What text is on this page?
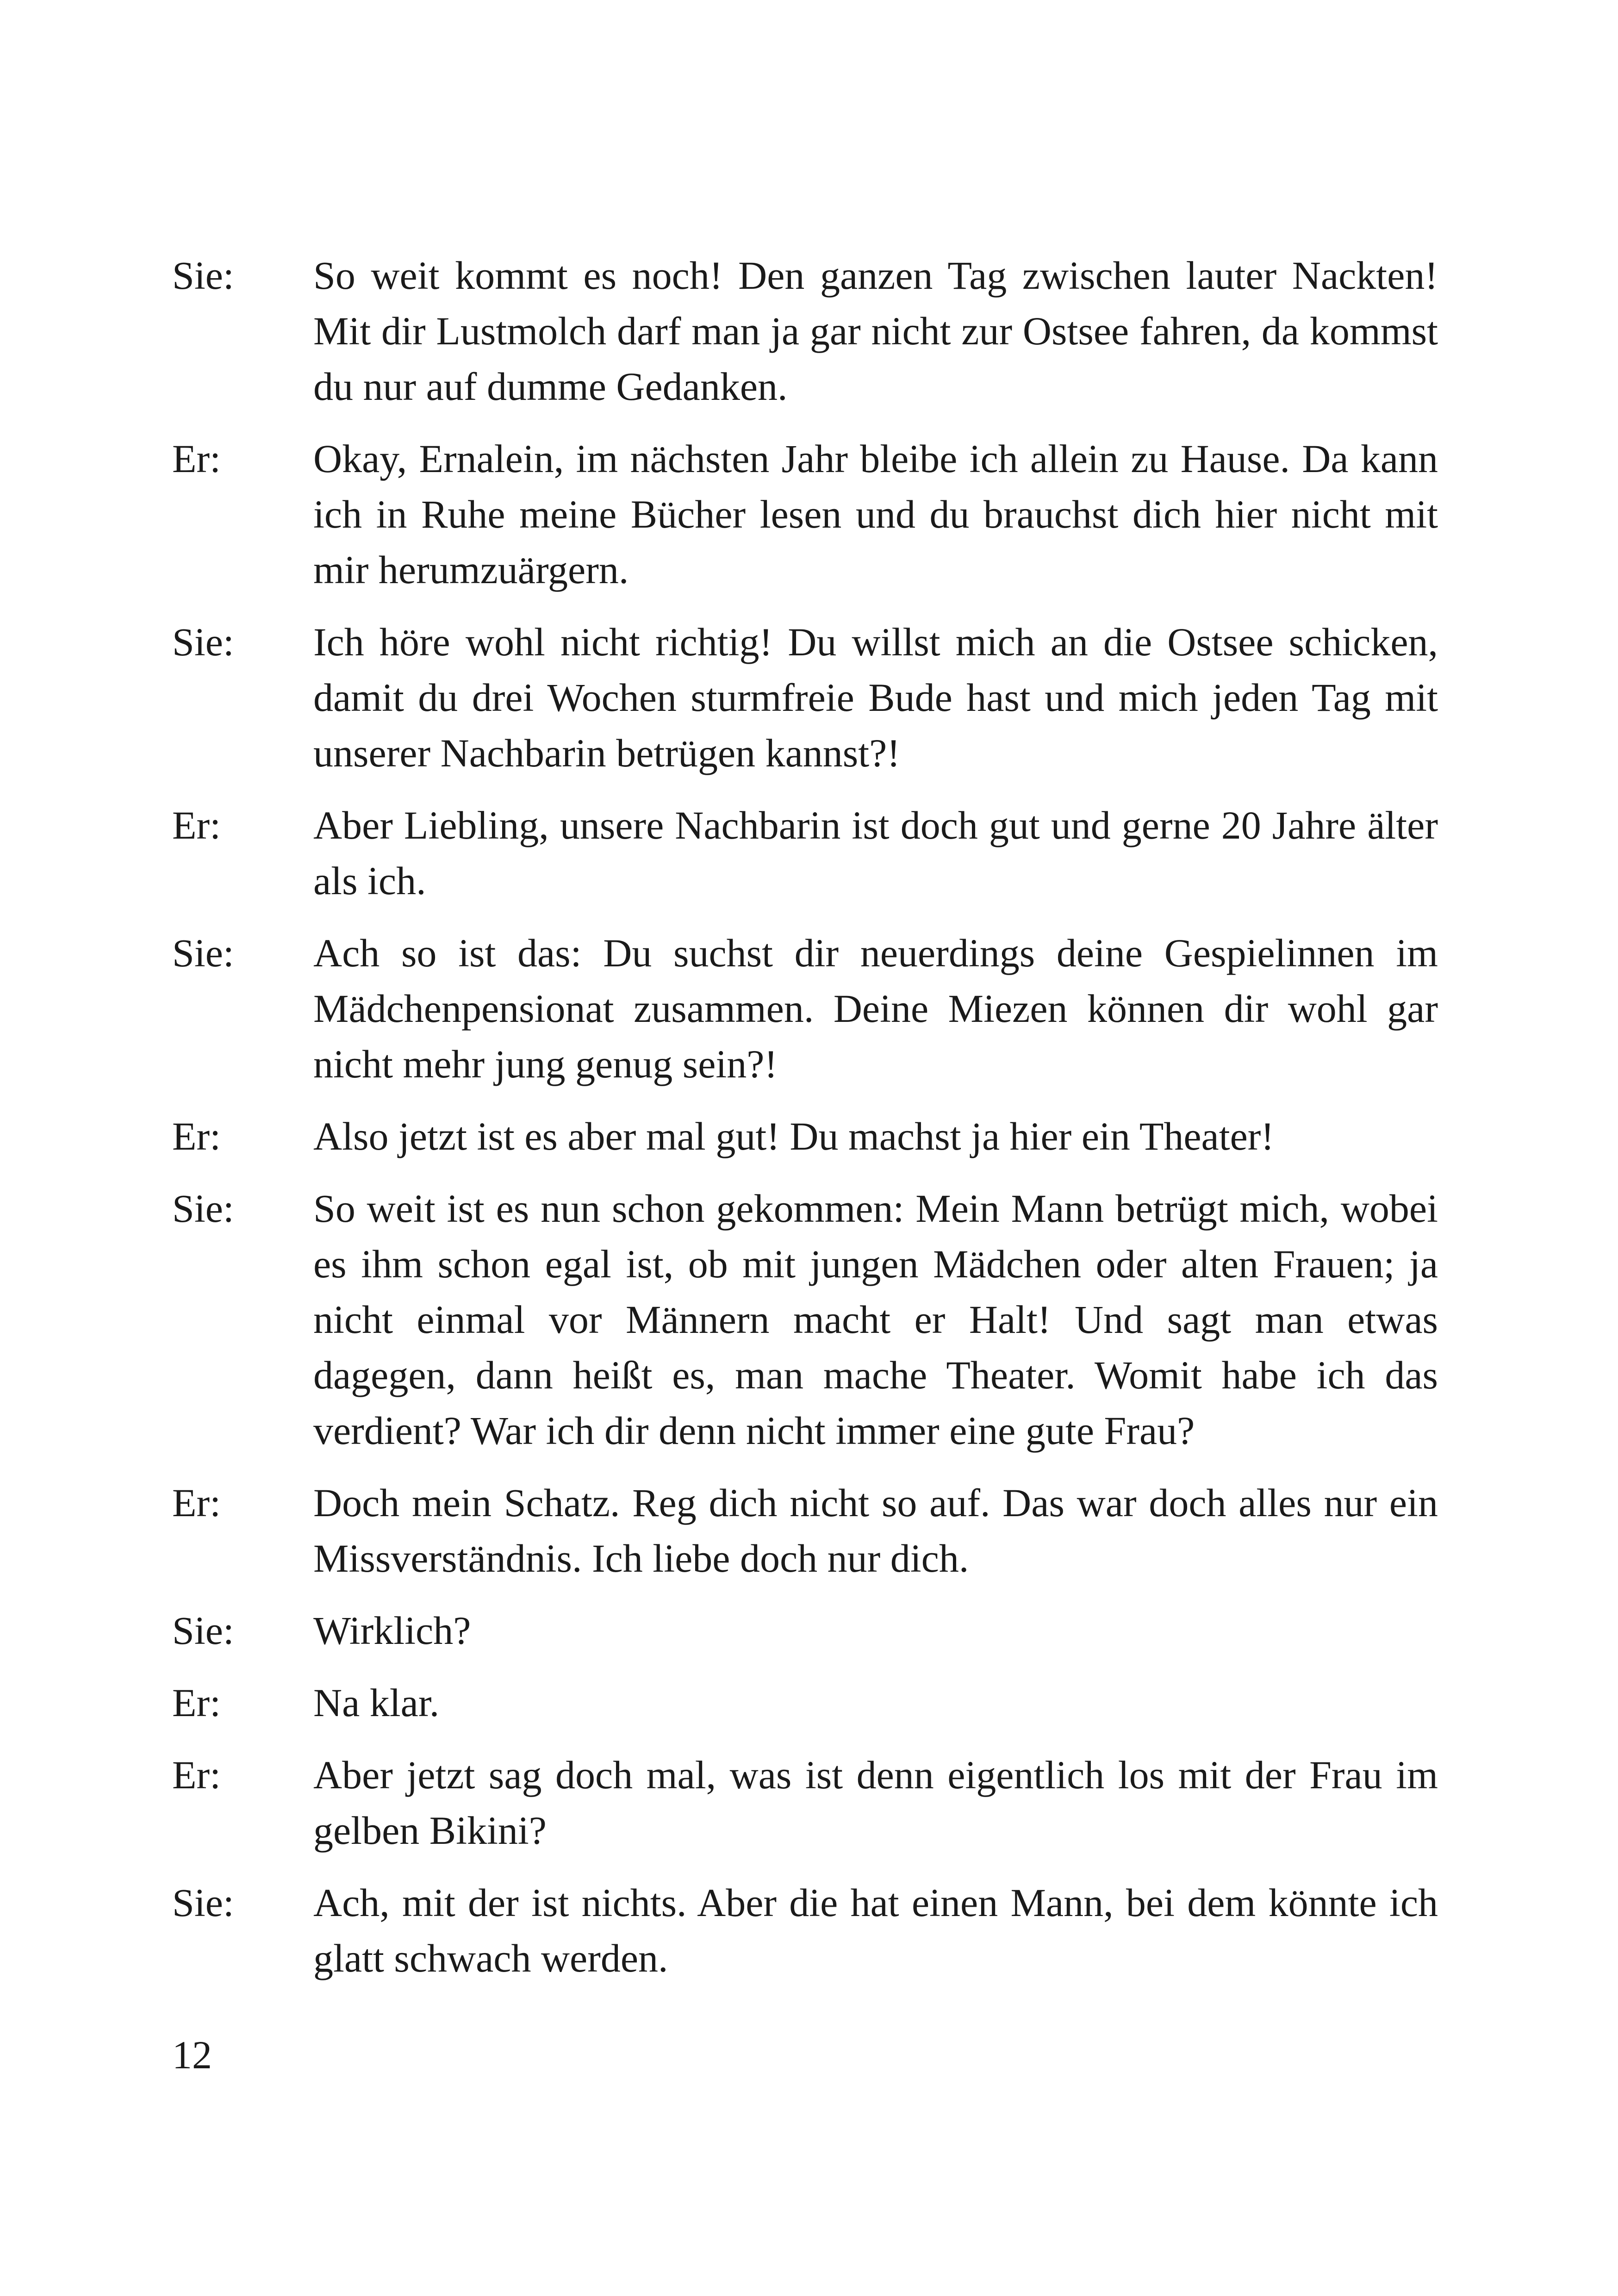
Sie:	So weit kommt es noch! Den ganzen Tag zwischen lauter Nackten! Mit dir Lustmolch darf man ja gar nicht zur Ostsee fahren, da kommst du nur auf dumme Gedanken.
Er:	Okay, Ernalein, im nächsten Jahr bleibe ich allein zu Hause. Da kann ich in Ruhe meine Bücher lesen und du brauchst dich hier nicht mit mir herumzuärgern.
Sie:	Ich höre wohl nicht richtig! Du willst mich an die Ostsee schicken, damit du drei Wochen sturmfreie Bude hast und mich jeden Tag mit unserer Nachbarin betrügen kannst?!
Er:	Aber Liebling, unsere Nachbarin ist doch gut und gerne 20 Jahre älter als ich.
Sie:	Ach so ist das: Du suchst dir neuerdings deine Gespielinnen im Mädchenpensionat zusammen. Deine Miezen können dir wohl gar nicht mehr jung genug sein?!
Er:	Also jetzt ist es aber mal gut! Du machst ja hier ein Theater!
Sie:	So weit ist es nun schon gekommen: Mein Mann betrügt mich, wobei es ihm schon egal ist, ob mit jungen Mädchen oder alten Frauen; ja nicht einmal vor Männern macht er Halt! Und sagt man etwas dagegen, dann heißt es, man mache Theater. Womit habe ich das verdient? War ich dir denn nicht immer eine gute Frau?
Er:	Doch mein Schatz. Reg dich nicht so auf. Das war doch alles nur ein Missverständnis. Ich liebe doch nur dich.
Sie:	Wirklich?
Er:	Na klar.
Er:	Aber jetzt sag doch mal, was ist denn eigentlich los mit der Frau im gelben Bikini?
Sie:	Ach, mit der ist nichts. Aber die hat einen Mann, bei dem könnte ich glatt schwach werden.
12
